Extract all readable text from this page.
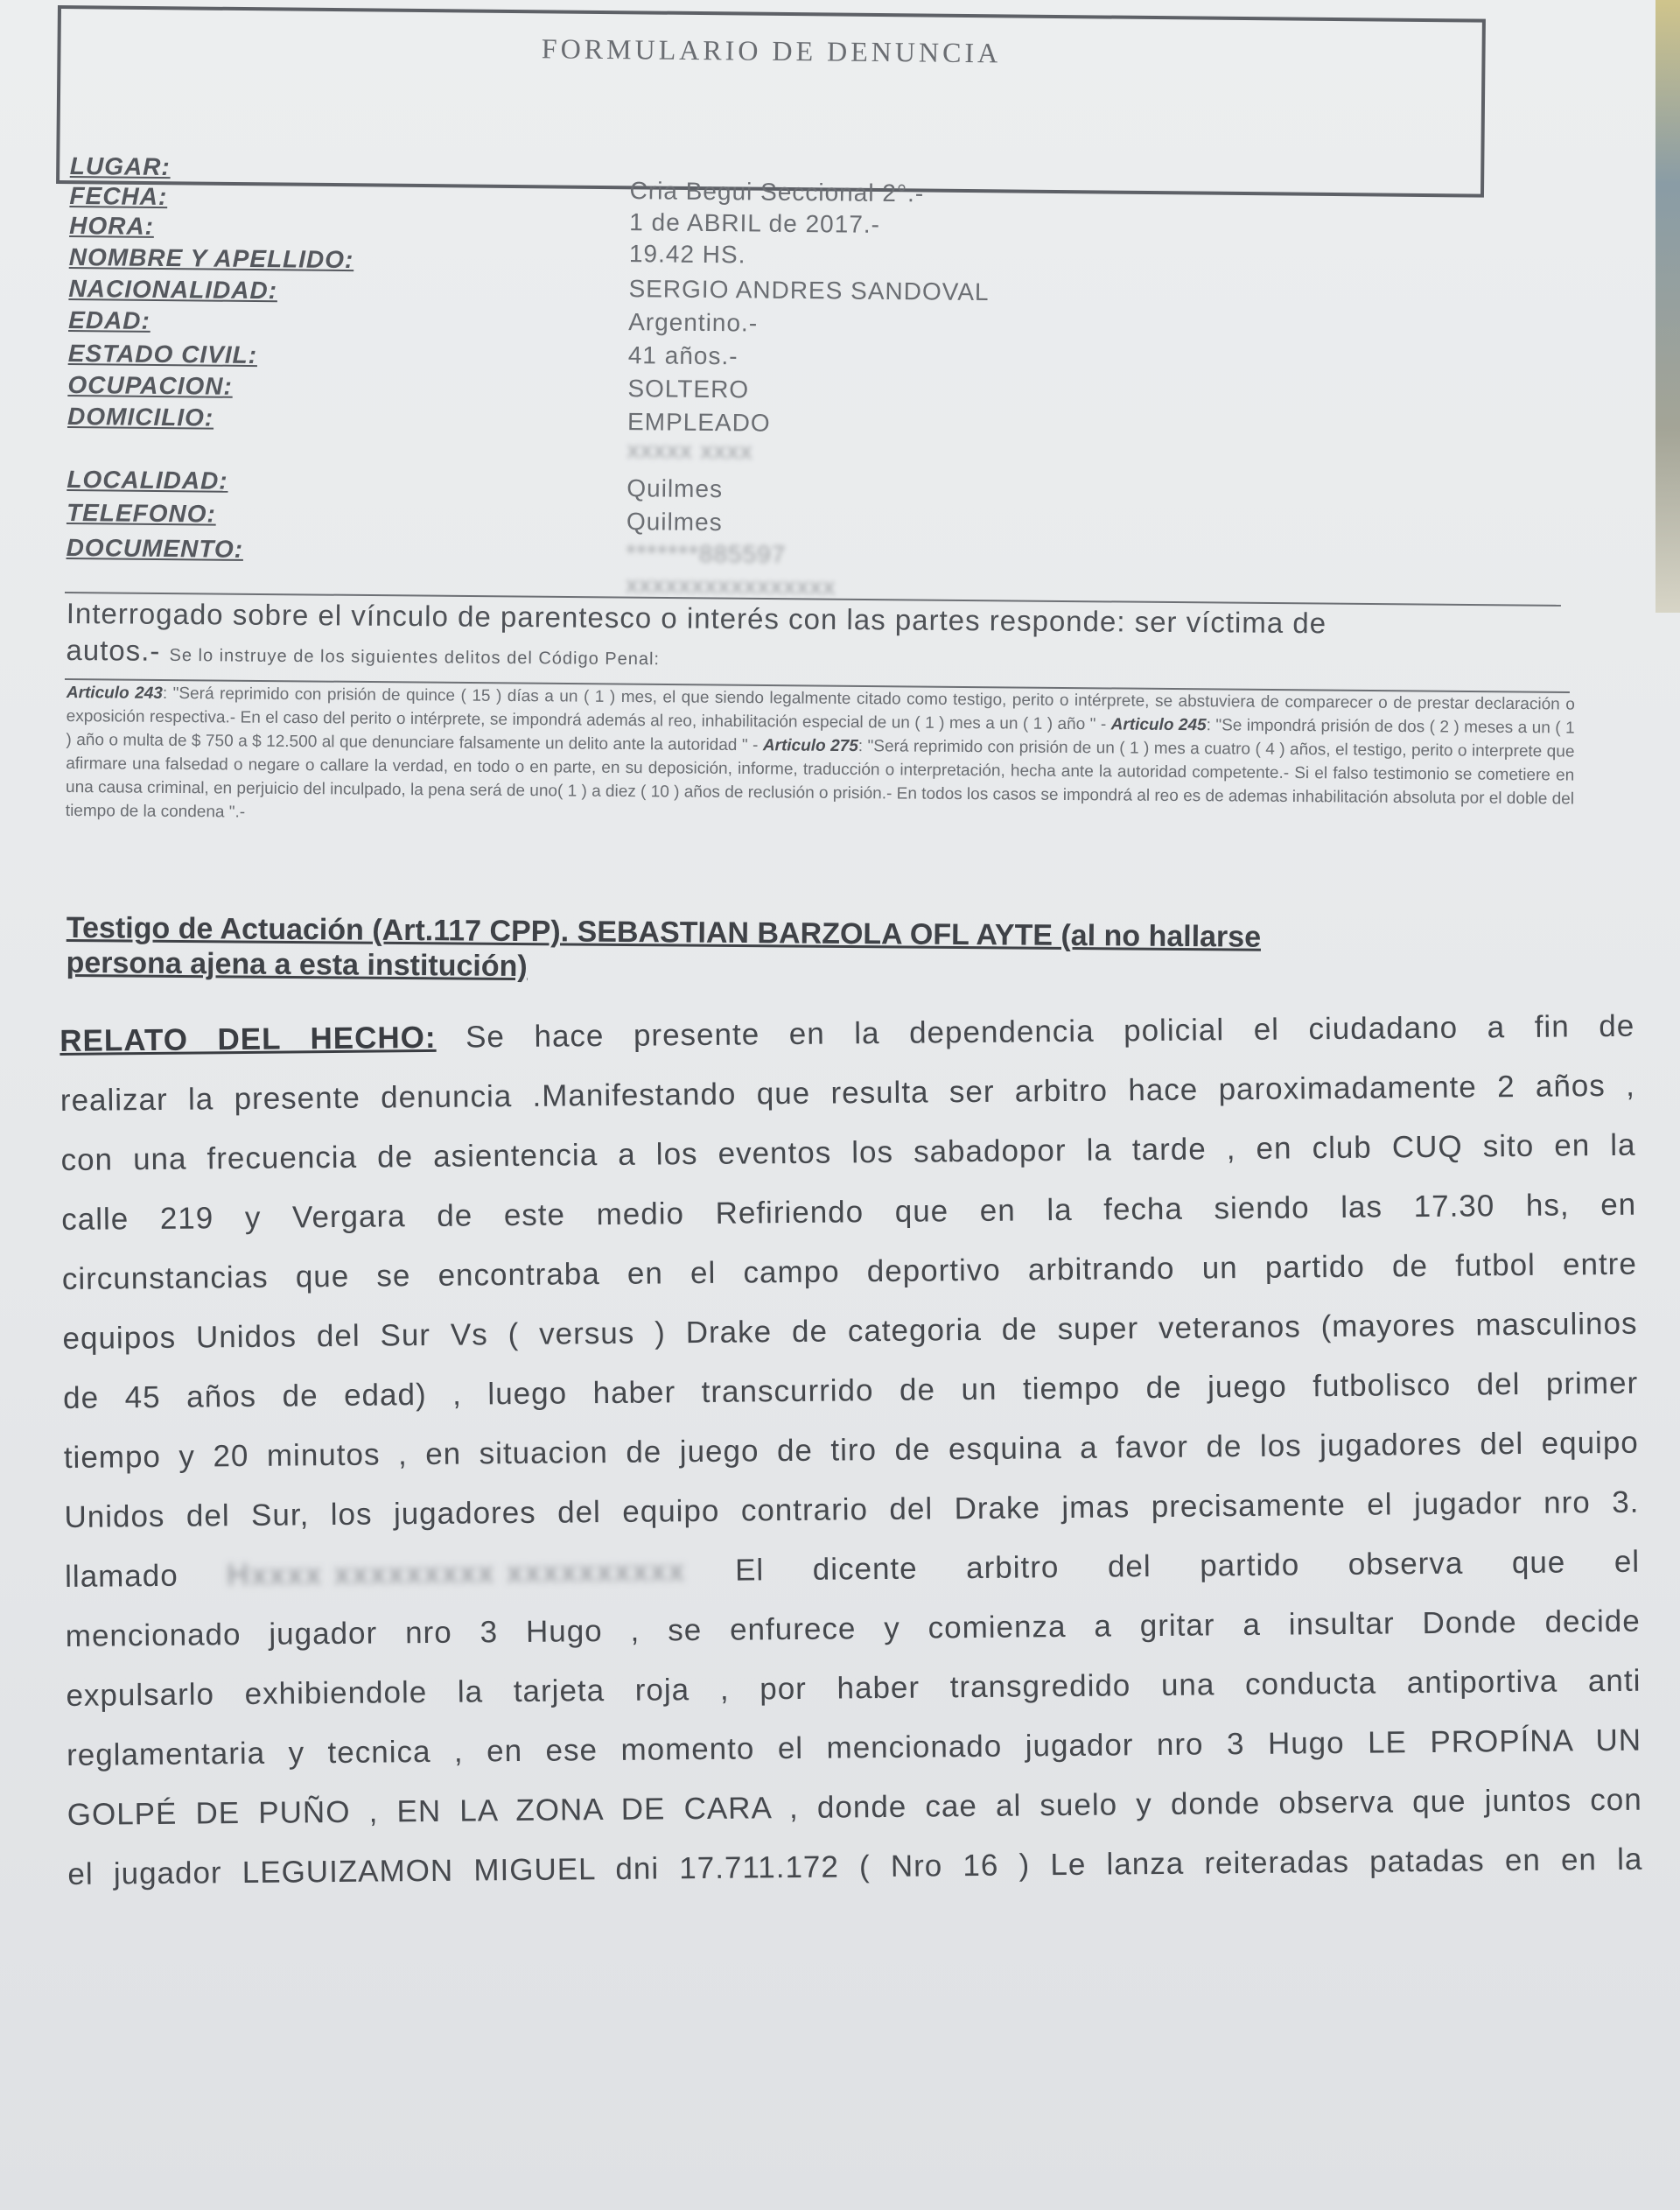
FORMULARIO DE DENUNCIA
LUGAR:
Cria Begui Seccional 2°.-
FECHA:
1 de ABRIL de 2017.-
HORA:
19.42 HS.
NOMBRE Y APELLIDO:
SERGIO ANDRES SANDOVAL
NACIONALIDAD:
Argentino.-
EDAD:
41 años.-
ESTADO CIVIL:
SOLTERO
OCUPACION:
EMPLEADO
DOMICILIO:
xxxxx xxxx
LOCALIDAD:	Quilmes
TELEFONO:	Quilmes
*******885597
DOCUMENTO:
xxxxxxxxxxxxxxxx
Interrogado sobre el vínculo de parentesco o interés con las partes responde: ser víctima de
autos.- Se lo instruye de los siguientes delitos del Código Penal:
Articulo 243: "Será reprimido con prisión de quince ( 15 ) días a un ( 1 ) mes, el que siendo legalmente citado como testigo, perito o intérprete, se abstuviera de comparecer o de prestar declaración o exposición respectiva.- En el caso del perito o intérprete, se impondrá además al reo, inhabilitación especial de un ( 1 ) mes a un ( 1 ) año " - Articulo 245: "Se impondrá prisión de dos ( 2 ) meses a un ( 1 ) año o multa de $ 750 a $ 12.500 al que denunciare falsamente un delito ante la autoridad " - Articulo 275: "Será reprimido con prisión de un ( 1 ) mes a cuatro ( 4 ) años, el testigo, perito o interprete que afirmare una falsedad o negare o callare la verdad, en todo o en parte, en su deposición, informe, traducción o interpretación, hecha ante la autoridad competente.- Si el falso testimonio se cometiere en una causa criminal, en perjuicio del inculpado, la pena será de uno( 1 ) a diez ( 10 ) años de reclusión o prisión.- En todos los casos se impondrá al reo es de ademas inhabilitación absoluta por el doble del tiempo de la condena ".-
Testigo de Actuación (Art.117 CPP). SEBASTIAN BARZOLA OFL AYTE (al no hallarse
persona ajena a esta institución)
RELATO DEL HECHO: Se hace presente en la dependencia policial el ciudadano a fin de
realizar la presente denuncia .Manifestando que resulta ser arbitro hace paroximadamente 2 años ,
con una frecuencia de asientencia a los eventos los sabadopor la tarde , en club CUQ sito en la
calle 219 y Vergara de este medio Refiriendo que en la fecha siendo las 17.30 hs, en
circunstancias que se encontraba en el campo deportivo arbitrando un partido de futbol entre
equipos Unidos del Sur Vs ( versus ) Drake de categoria de super veteranos (mayores masculinos
de 45 años de edad) , luego haber transcurrido de un tiempo de juego futbolisco del primer
tiempo y 20 minutos , en situacion de juego de tiro de esquina a favor de los jugadores del equipo
Unidos del Sur, los jugadores del equipo contrario del Drake jmas precisamente el jugador nro 3.
llamado Hxxxx xxxxxxxxx xxxxxxxxxx El dicente arbitro del partido observa que el
mencionado jugador nro 3 Hugo , se enfurece y comienza a gritar a insultar Donde decide
expulsarlo exhibiendole la tarjeta roja , por haber transgredido una conducta antiportiva anti
reglamentaria y tecnica , en ese momento el mencionado jugador nro 3 Hugo LE PROPÍNA UN
GOLPÉ DE PUÑO , EN LA ZONA DE CARA , donde cae al suelo y donde observa que juntos con
el jugador LEGUIZAMON MIGUEL dni 17.711.172 ( Nro 16 ) Le lanza reiteradas patadas en en la
